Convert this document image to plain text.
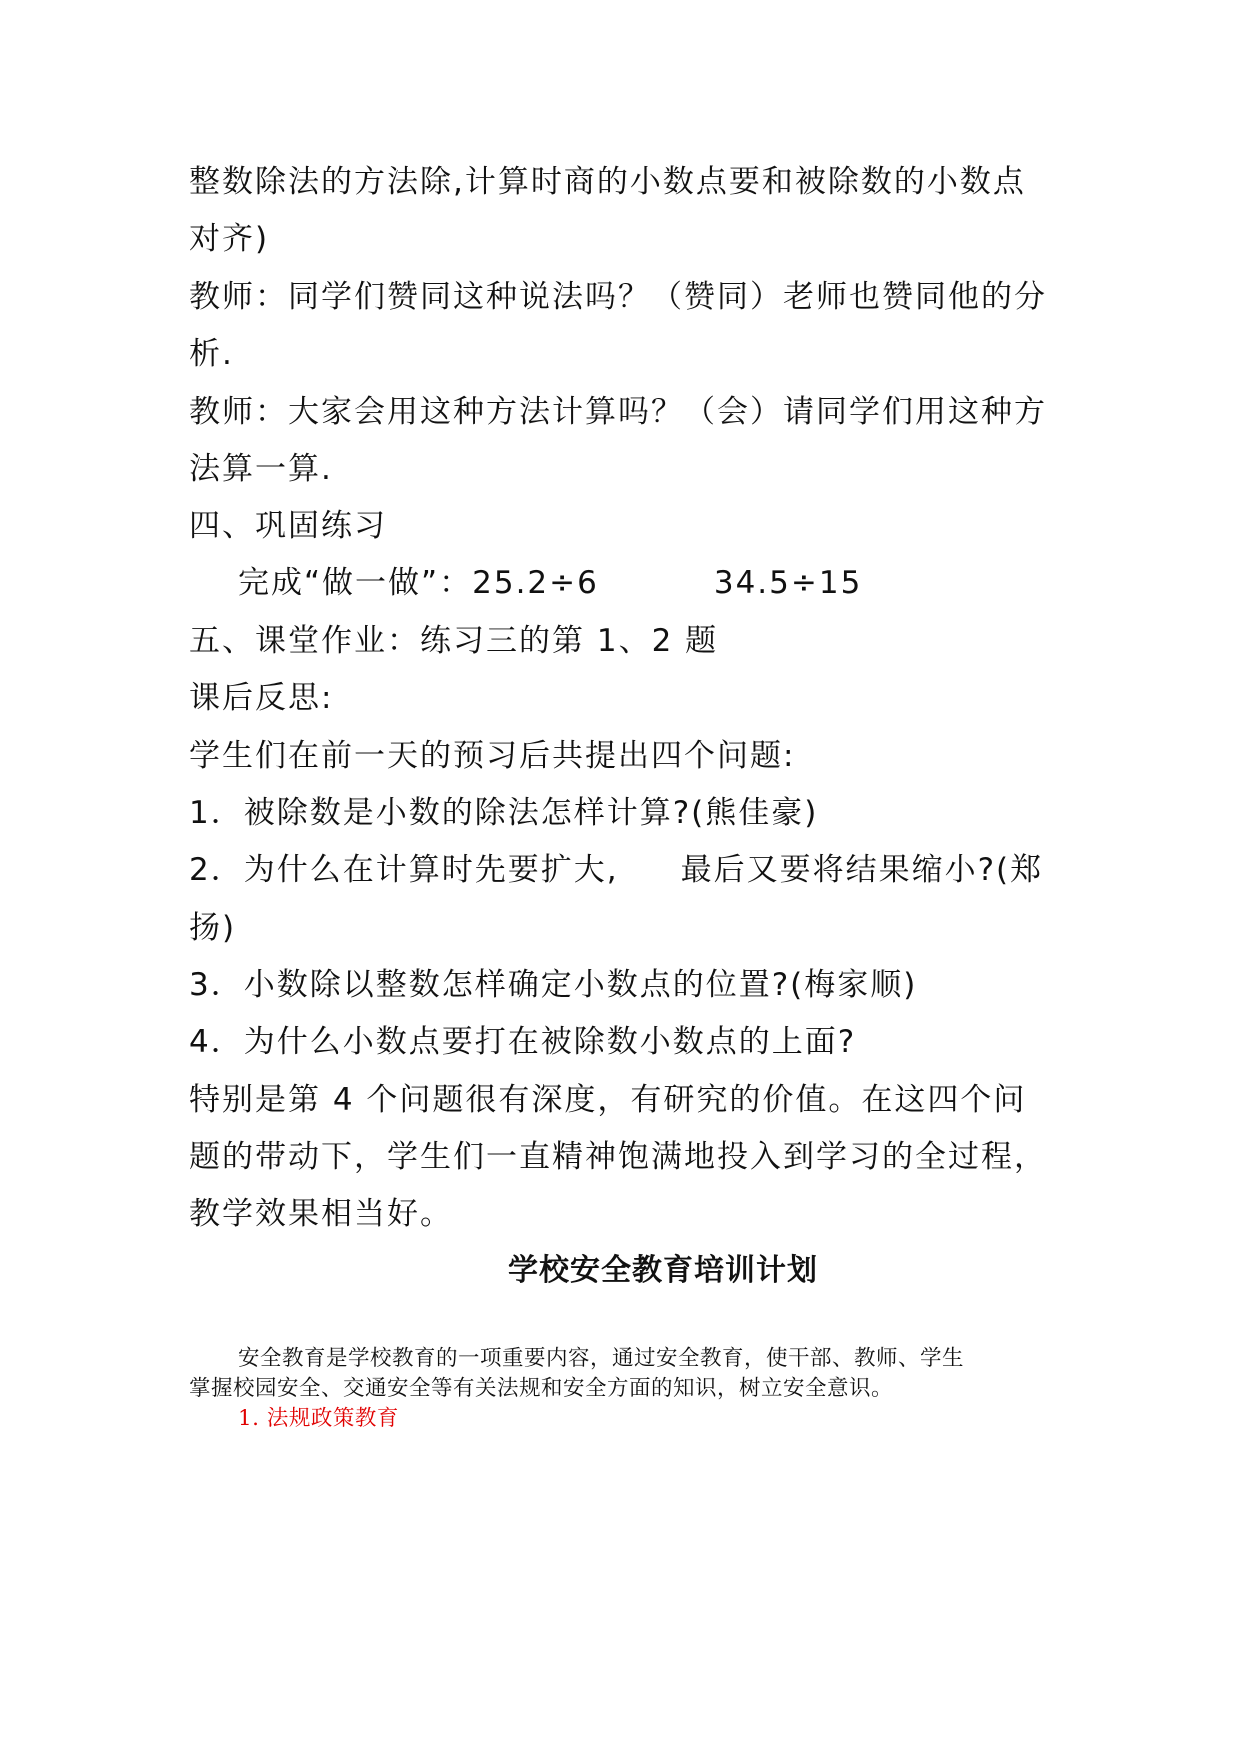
整数除法的方法除,计算时商的小数点要和被除数的小数点
对齐)
教师：同学们赞同这种说法吗？（赞同）老师也赞同他的分
析.
教师：大家会用这种方法计算吗？（会）请同学们用这种方
法算一算.
四、巩固练习
完成“做一做”：25.2÷6	34.5÷15
五、课堂作业：练习三的第 1、2 题
课后反思:
学生们在前一天的预习后共提出四个问题:
1．被除数是小数的除法怎样计算?(熊佳豪)
2．为什么在计算时先要扩大, 最后又要将结果缩小?(郑
扬)
3．小数除以整数怎样确定小数点的位置?(梅家顺)
4．为什么小数点要打在被除数小数点的上面?
特别是第 4 个问题很有深度，有研究的价值。在这四个问
题的带动下，学生们一直精神饱满地投入到学习的全过程，
教学效果相当好。
学校安全教育培训计划
安全教育是学校教育的一项重要内容，通过安全教育，使干部、教师、学生
掌握校园安全、交通安全等有关法规和安全方面的知识，树立安全意识。
1. 法规政策教育
